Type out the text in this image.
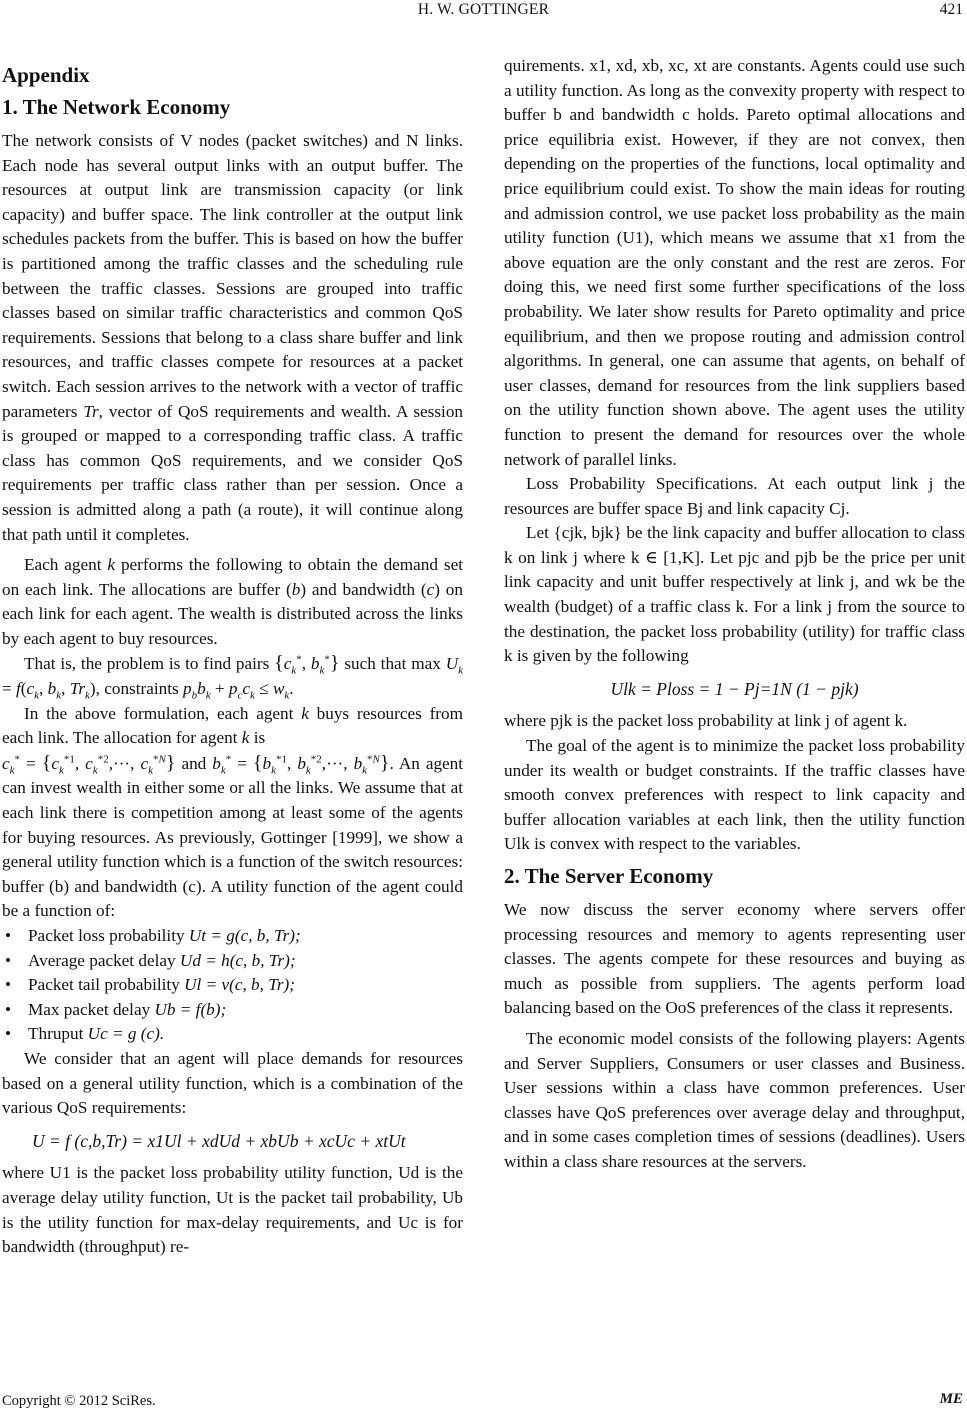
H. W. GOTTINGER	421
Appendix
1. The Network Economy

The network consists of V nodes (packet switches) and N links. Each node has several output links with an output buffer. The resources at output link are transmission capacity (or link capacity) and buffer space. The link controller at the output link schedules packets from the buffer. This is based on how the buffer is partitioned among the traffic classes and the scheduling rule between the traffic classes. Sessions are grouped into traffic classes based on similar traffic characteristics and common QoS requirements. Sessions that belong to a class share buffer and link resources, and traffic classes compete for resources at a packet switch. Each session arrives to the network with a vector of traffic parameters Tr, vector of QoS requirements and wealth. A session is grouped or mapped to a corresponding traffic class. A traffic class has common QoS requirements, and we consider QoS requirements per traffic class rather than per session. Once a session is admitted along a path (a route), it will continue along that path until it completes.

Each agent k performs the following to obtain the demand set on each link. The allocations are buffer (b) and bandwidth (c) on each link for each agent. The wealth is distributed across the links by each agent to buy resources.

That is, the problem is to find pairs {$c_k^*$, $b_k^*$} such that $\max U_k = f(c_k$, $b_k$, $Tr_k$), constraints $p_bb_k + p_cc_k \le w_k$.

In the above formulation, each agent k buys resources from each link. The allocation for agent k is
$c_k^* = \{c_k^{*1}$, $c_k^{*2},\cdot\cdot\cdot$, $c_k^{*N}$} and $b_k^* = \{b_k^{*1}$, $b_k^{*2},\cdot\cdot\cdot$, $b_k^{*N}$}. An agent can invest wealth in either some or all the links. We assume that at each link there is competition among at least some of the agents for buying resources. As previously, Gottinger [1999], we show a general utility function which is a function of the switch resources: buffer (b) and bandwidth (c). A utility function of the agent could be a function of:

• Packet loss probability Ut = g(c, b, Tr);
• Average packet delay Ud = h(c, b, Tr);
• Packet tail probability Ul = v(c, b, Tr);
• Max packet delay Ub = f(b);
• Thruput Uc = g (c).

We consider that an agent will place demands for resources based on a general utility function, which is a combination of the various QoS requirements:

U = f (c,b,Tr) = x1Ul + xdUd + xbUb + xcUc + xtUt

where U1 is the packet loss probability utility function, Ud is the average delay utility function, Ut is the packet tail probability, Ub is the utility function for max-delay requirements, and Uc is for bandwidth (throughput) re-

quirements. x1, xd, xb, xc, xt are constants. Agents could use such a utility function. As long as the convexity property with respect to buffer b and bandwidth c holds. Pareto optimal allocations and price equilibria exist. However, if they are not convex, then depending on the properties of the functions, local optimality and price equilibrium could exist. To show the main ideas for routing and admission control, we use packet loss probability as the main utility function (U1), which means we assume that x1 from the above equation are the only constant and the rest are zeros. For doing this, we need first some further specifications of the loss probability. We later show results for Pareto optimality and price equilibrium, and then we propose routing and admission control algorithms. In general, one can assume that agents, on behalf of user classes, demand for resources from the link suppliers based on the utility function shown above. The agent uses the utility function to present the demand for resources over the whole network of parallel links.

Loss Probability Specifications. At each output link j the resources are buffer space Bj and link capacity Cj.

Let {cjk, bjk} be the link capacity and buffer allocation to class k on link j where k ∈ [1,K]. Let pjc and pjb be the price per unit link capacity and unit buffer respectively at link j, and wk be the wealth (budget) of a traffic class k. For a link j from the source to the destination, the packet loss probability (utility) for traffic class k is given by the following

Ulk = Ploss = 1 − Pj=1N (1 − pjk)

where pjk is the packet loss probability at link j of agent k.

The goal of the agent is to minimize the packet loss probability under its wealth or budget constraints. If the traffic classes have smooth convex preferences with respect to link capacity and buffer allocation variables at each link, then the utility function Ulk is convex with respect to the variables.

2. The Server Economy

We now discuss the server economy where servers offer processing resources and memory to agents representing user classes. The agents compete for these resources and buying as much as possible from suppliers. The agents perform load balancing based on the OoS preferences of the class it represents.

The economic model consists of the following players: Agents and Server Suppliers, Consumers or user classes and Business. User sessions within a class have common preferences. User classes have QoS preferences over average delay and throughput, and in some cases completion times of sessions (deadlines). Users within a class share resources at the servers.

Copyright © 2012 SciRes.	ME
